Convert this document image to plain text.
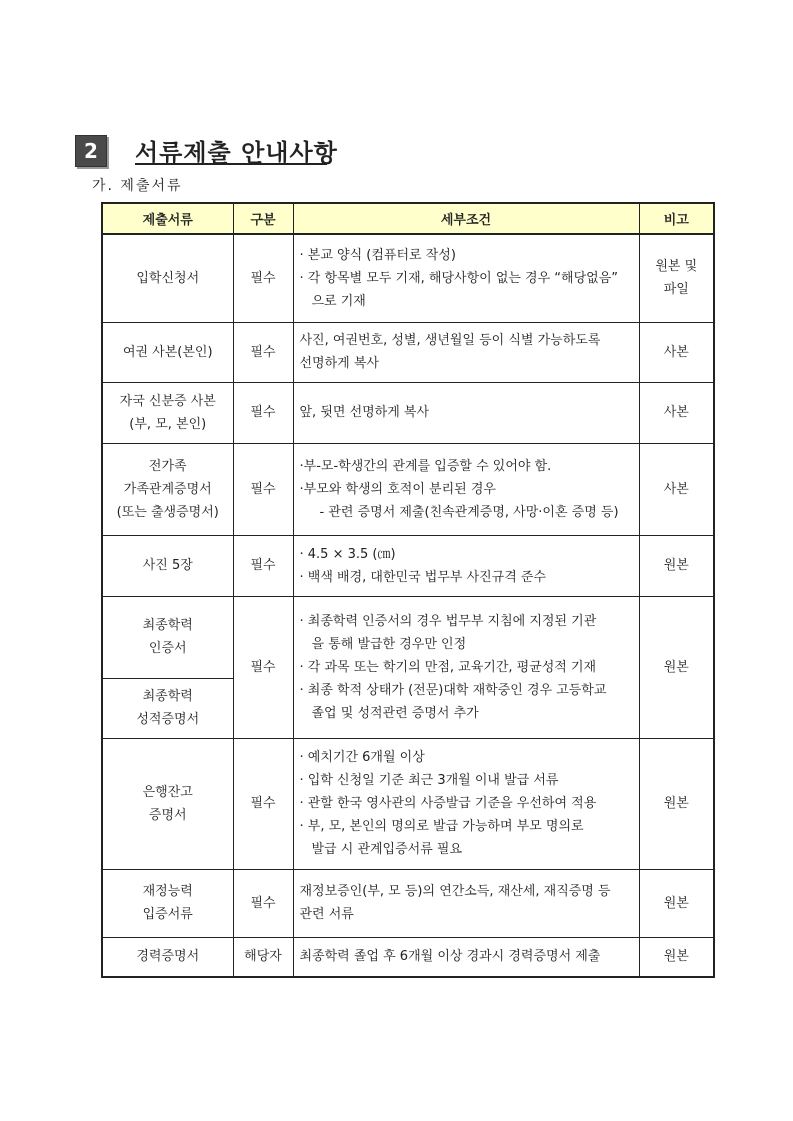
2	서류제출 안내사항
가. 제출서류
제출서류	구분	세부조건	비고

입학신청서	필수	· 본교 양식 (컴퓨터로 작성)
· 각 항목별 모두 기재, 해당사항이 없는 경우 “해당없음”
으로 기재	원본 및
파일

여권 사본(본인)	필수	사진, 여권번호, 성별, 생년월일 등이 식별 가능하도록
선명하게 복사	사본

자국 신분증 사본
(부, 모, 본인)	필수	앞, 뒷면 선명하게 복사	사본

전가족
가족관계증명서
(또는 출생증명서)	필수	·부-모-학생간의 관계를 입증할 수 있어야 함.
·부모와 학생의 호적이 분리된 경우
- 관련 증명서 제출(친속관계증명, 사망·이혼 증명 등)	사본

사진 5장	필수	· 4.5 × 3.5 (㎝)
· 백색 배경, 대한민국 법무부 사진규격 준수	원본

최종학력
인증서	필수	· 최종학력 인증서의 경우 법무부 지침에 지정된 기관
을 통해 발급한 경우만 인정
· 각 과목 또는 학기의 만점, 교육기간, 평균성적 기재
· 최종 학적 상태가 (전문)대학 재학중인 경우 고등학교
졸업 및 성적관련 증명서 추가	원본

최종학력
성적증명서			

은행잔고
증명서	필수	· 예치기간 6개월 이상
· 입학 신청일 기준 최근 3개월 이내 발급 서류
· 관할 한국 영사관의 사증발급 기준을 우선하여 적용
· 부, 모, 본인의 명의로 발급 가능하며 부모 명의로
발급 시 관계입증서류 필요	원본

재정능력
입증서류	필수	재정보증인(부, 모 등)의 연간소득, 재산세, 재직증명 등
관련 서류	원본

경력증명서	해당자	최종학력 졸업 후 6개월 이상 경과시 경력증명서 제출	원본
